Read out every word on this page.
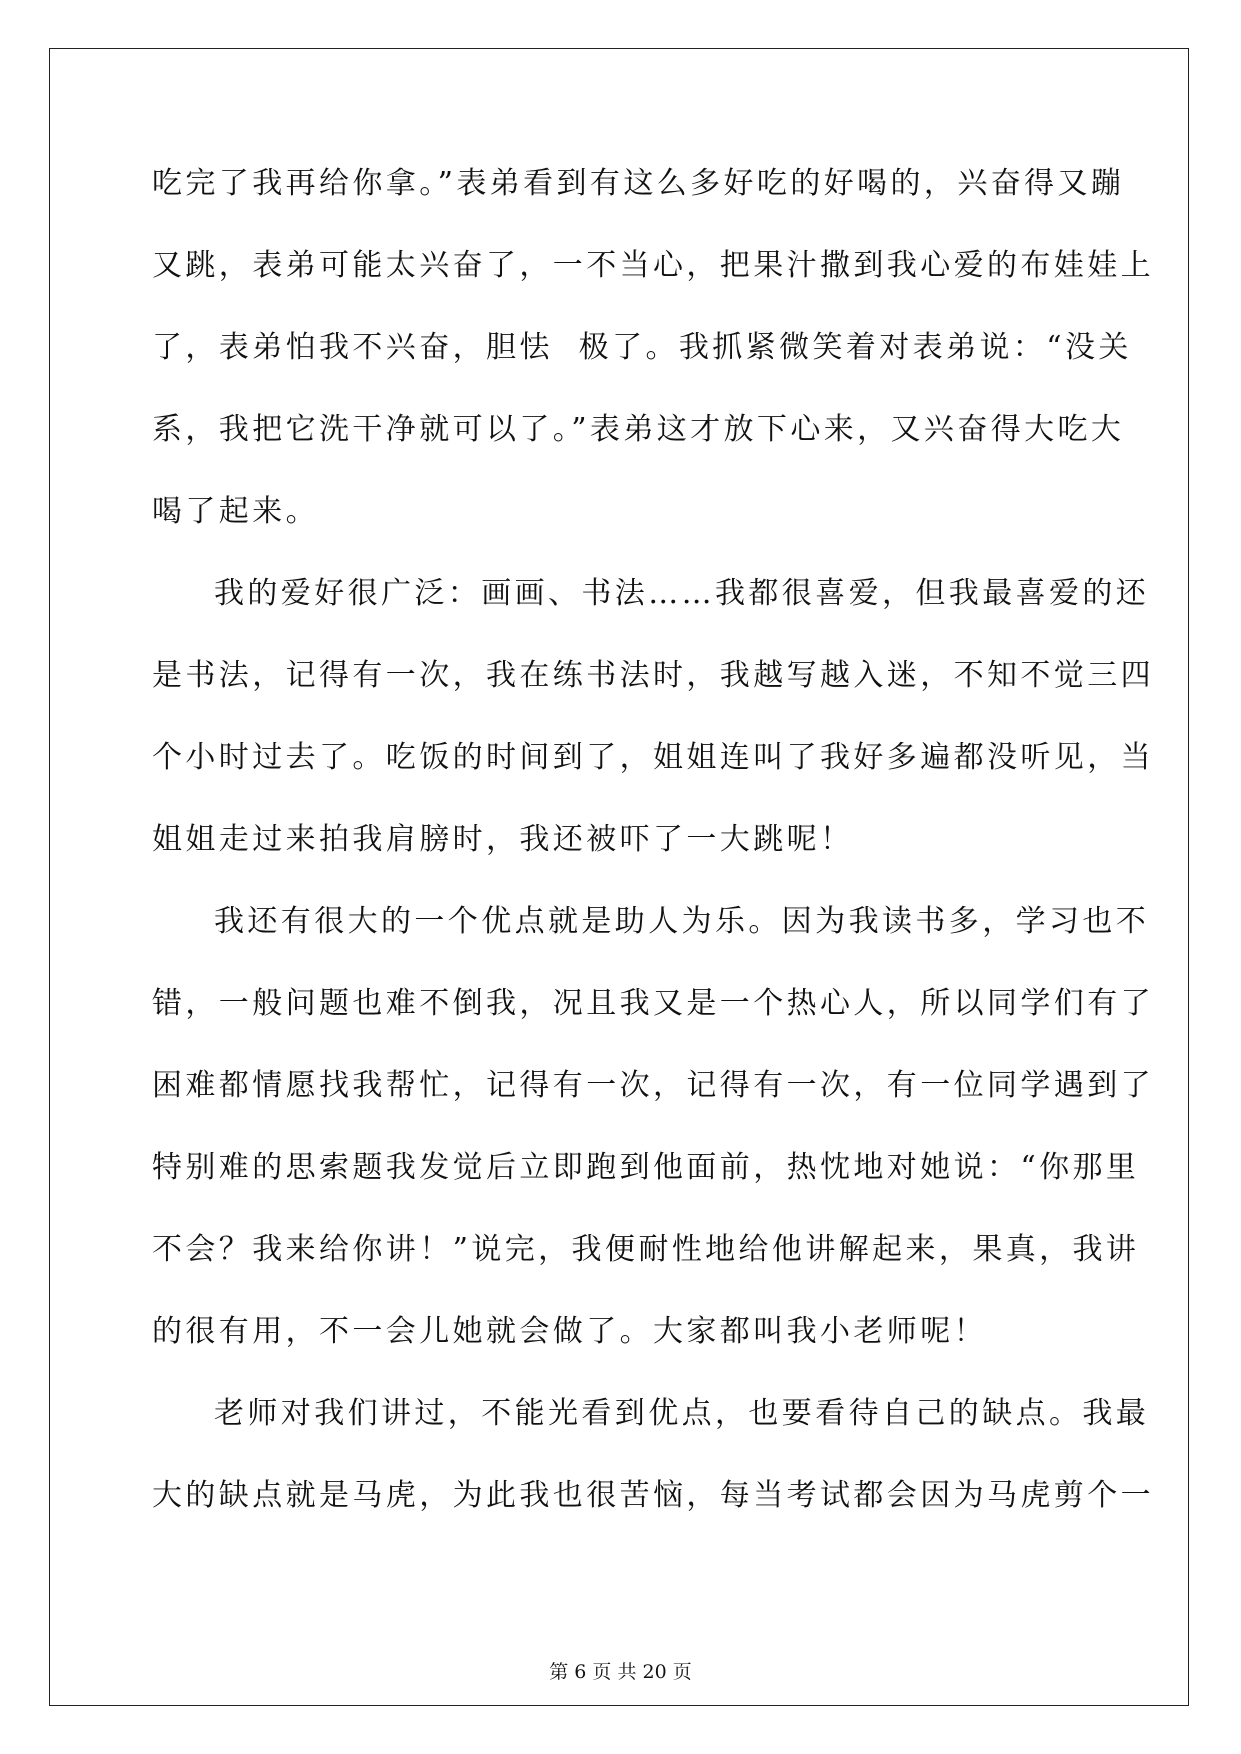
吃完了我再给你拿。”表弟看到有这么多好吃的好喝的，兴奋得又蹦
又跳，表弟可能太兴奋了，一不当心，把果汁撒到我心爱的布娃娃上
了，表弟怕我不兴奋，胆怯  极了。我抓紧微笑着对表弟说：“没关
系，我把它洗干净就可以了。”表弟这才放下心来，又兴奋得大吃大
喝了起来。
我的爱好很广泛：画画、书法……我都很喜爱，但我最喜爱的还
是书法，记得有一次，我在练书法时，我越写越入迷，不知不觉三四
个小时过去了。吃饭的时间到了，姐姐连叫了我好多遍都没听见，当
姐姐走过来拍我肩膀时，我还被吓了一大跳呢！
我还有很大的一个优点就是助人为乐。因为我读书多，学习也不
错，一般问题也难不倒我，况且我又是一个热心人，所以同学们有了
困难都情愿找我帮忙，记得有一次，记得有一次，有一位同学遇到了
特别难的思索题我发觉后立即跑到他面前，热忱地对她说：“你那里
不会？我来给你讲！”说完，我便耐性地给他讲解起来，果真，我讲
的很有用，不一会儿她就会做了。大家都叫我小老师呢！
老师对我们讲过，不能光看到优点，也要看待自己的缺点。我最
大的缺点就是马虎，为此我也很苦恼，每当考试都会因为马虎剪个一
第 6 页 共 20 页
